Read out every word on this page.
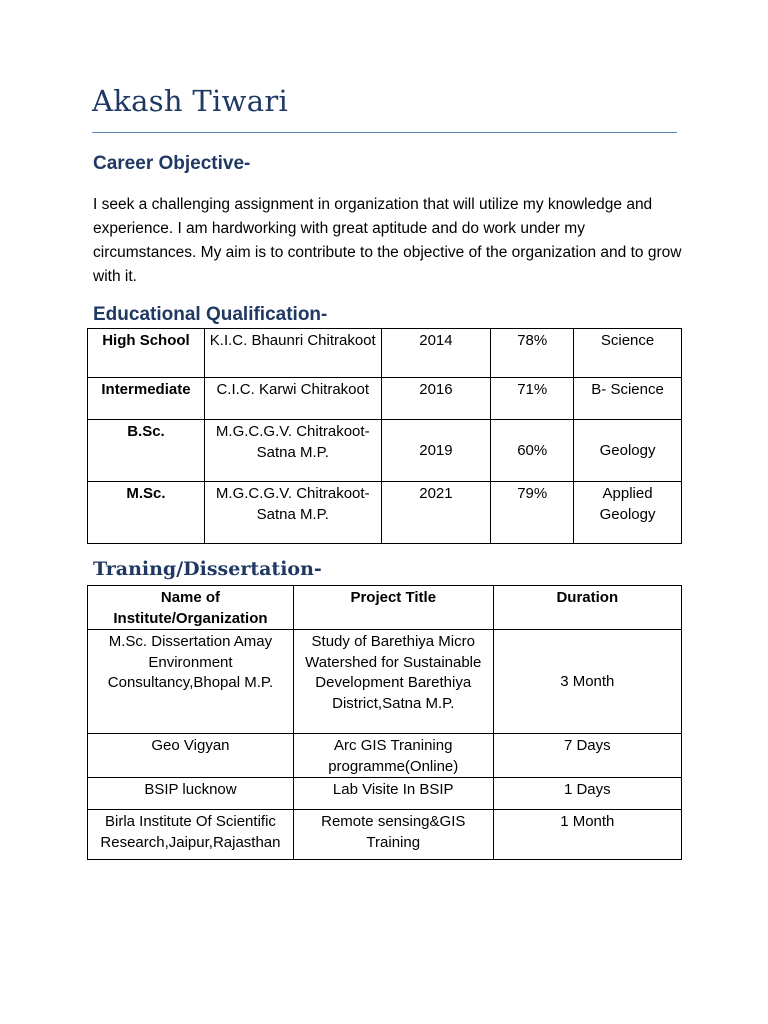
Akash Tiwari
Career Objective-

I seek a challenging assignment in organization that will utilize my knowledge and experience. I am hardworking with great aptitude and do work under my circumstances. My aim is to contribute to the objective of the organization and to grow with it.

Educational Qualification-
High School	K.I.C. Bhaunri Chitrakoot	2014	78%	Science
Intermediate	C.I.C. Karwi Chitrakoot	2016	71%	B- Science
B.Sc.	M.G.C.G.V. Chitrakoot- Satna M.P.	2019	60%	Geology
M.Sc.	M.G.C.G.V. Chitrakoot- Satna M.P.	2021	79%	Applied Geology
Traning/Dissertation-
Name of Institute/Organization	Project Title	Duration
M.Sc. Dissertation Amay Environment Consultancy,Bhopal M.P.	Study of Barethiya Micro Watershed for Sustainable Development Barethiya District,Satna M.P.	3 Month
Geo Vigyan	Arc GIS Tranining programme(Online)	7 Days
BSIP lucknow	Lab Visite In BSIP	1 Days
Birla Institute Of Scientific Research,Jaipur,Rajasthan	Remote sensing&GIS Training	1 Month
